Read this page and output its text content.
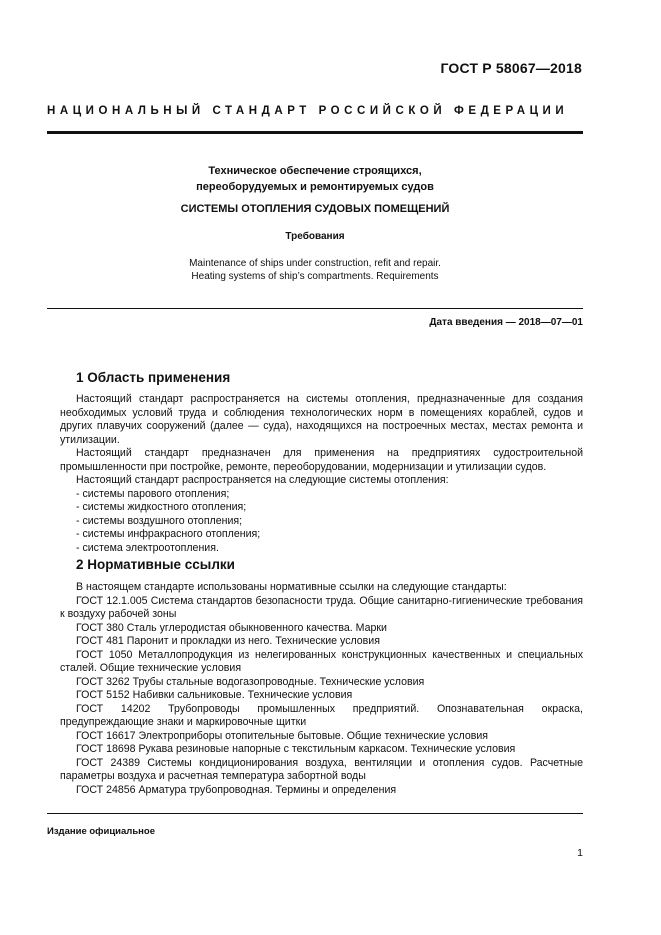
ГОСТ Р 58067—2018
НАЦИОНАЛЬНЫЙ СТАНДАРТ РОССИЙСКОЙ ФЕДЕРАЦИИ
Техническое обеспечение строящихся,
переоборудуемых и ремонтируемых судов
СИСТЕМЫ ОТОПЛЕНИЯ СУДОВЫХ ПОМЕЩЕНИЙ
Требования
Maintenance of ships under construction, refit and repair.
Heating systems of ship’s compartments. Requirements
Дата введения — 2018—07—01
1 Область применения

Настоящий стандарт распространяется на системы отопления, предназначенные для создания необходимых условий труда и соблюдения технологических норм в помещениях кораблей, судов и других плавучих сооружений (далее — суда), находящихся на построечных местах, местах ремонта и утилизации.

Настоящий стандарт предназначен для применения на предприятиях судостроительной промышленности при постройке, ремонте, переоборудовании, модернизации и утилизации судов.

Настоящий стандарт распространяется на следующие системы отопления:

- системы парового отопления;

- системы жидкостного отопления;

- системы воздушного отопления;

- системы инфракрасного отопления;

- система электроотопления.

2 Нормативные ссылки

В настоящем стандарте использованы нормативные ссылки на следующие стандарты:

ГОСТ 12.1.005 Система стандартов безопасности труда. Общие санитарно-гигиенические требования к воздуху рабочей зоны

ГОСТ 380 Сталь углеродистая обыкновенного качества. Марки

ГОСТ 481 Паронит и прокладки из него. Технические условия

ГОСТ 1050 Металлопродукция из нелегированных конструкционных качественных и специальных сталей. Общие технические условия

ГОСТ 3262 Трубы стальные водогазопроводные. Технические условия

ГОСТ 5152 Набивки сальниковые. Технические условия

ГОСТ 14202 Трубопроводы промышленных предприятий. Опознавательная окраска, предупреждающие знаки и маркировочные щитки

ГОСТ 16617 Электроприборы отопительные бытовые. Общие технические условия

ГОСТ 18698 Рукава резиновые напорные с текстильным каркасом. Технические условия

ГОСТ 24389 Системы кондиционирования воздуха, вентиляции и отопления судов. Расчетные параметры воздуха и расчетная температура забортной воды

ГОСТ 24856 Арматура трубопроводная. Термины и определения

Издание официальное
1
